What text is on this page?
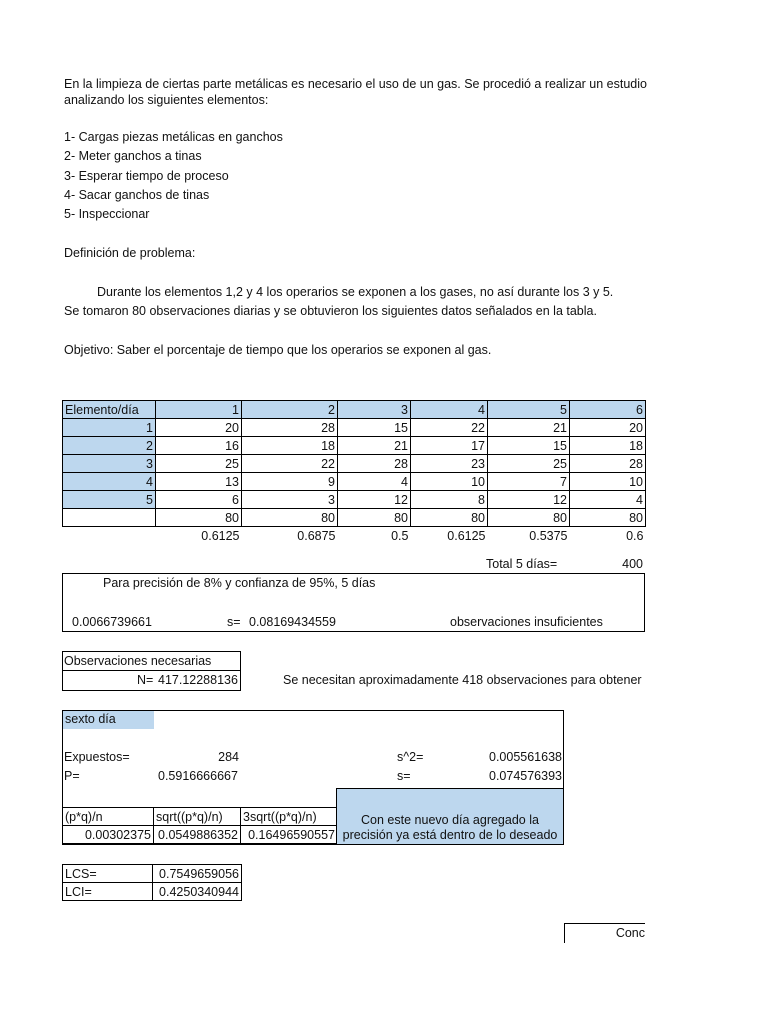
En la limpieza de ciertas parte metálicas es necesario el uso de un gas. Se procedió a realizar un estudio
analizando los siguientes elementos:
1- Cargas piezas metálicas en ganchos
2- Meter ganchos a tinas
3- Esperar tiempo de proceso
4- Sacar ganchos de tinas
5- Inspeccionar
Definición de problema:
Durante los elementos 1,2 y 4 los operarios se exponen a los gases, no así durante los 3 y 5.
Se tomaron 80 observaciones diarias y se obtuvieron los siguientes datos señalados en la tabla.
Objetivo: Saber el porcentaje de tiempo que los operarios se exponen al gas.
Elemento/día	1	2	3	4	5	6
1	20	28	15	22	21	20
2	16	18	21	17	15	18
3	25	22	28	23	25	28
4	13	9	4	10	7	10
5	6	3	12	8	12	4
	80	80	80	80	80	80
	0.6125	0.6875	0.5	0.6125	0.5375	0.6
Total 5 días=	400
Para precisión de 8% y confianza de 95%, 5 días
0.0066739661	s= 0.08169434559	observaciones insuficientes
Observaciones necesarias
N= 417.12288136	Se necesitan aproximadamente 418 observaciones para obtener
sexto día
Expuestos=	284
P=	0.5916666667
s^2=	0.005561638
s=	0.074576393
(p*q)/n	sqrt((p*q)/n)	3sqrt((p*q)/n)
0.00302375	0.0549886352	0.16496590557
Con este nuevo día agregado la
precisión ya está dentro de lo deseado
LCS=	0.7549659056
LCI=	0.4250340944
Conc
